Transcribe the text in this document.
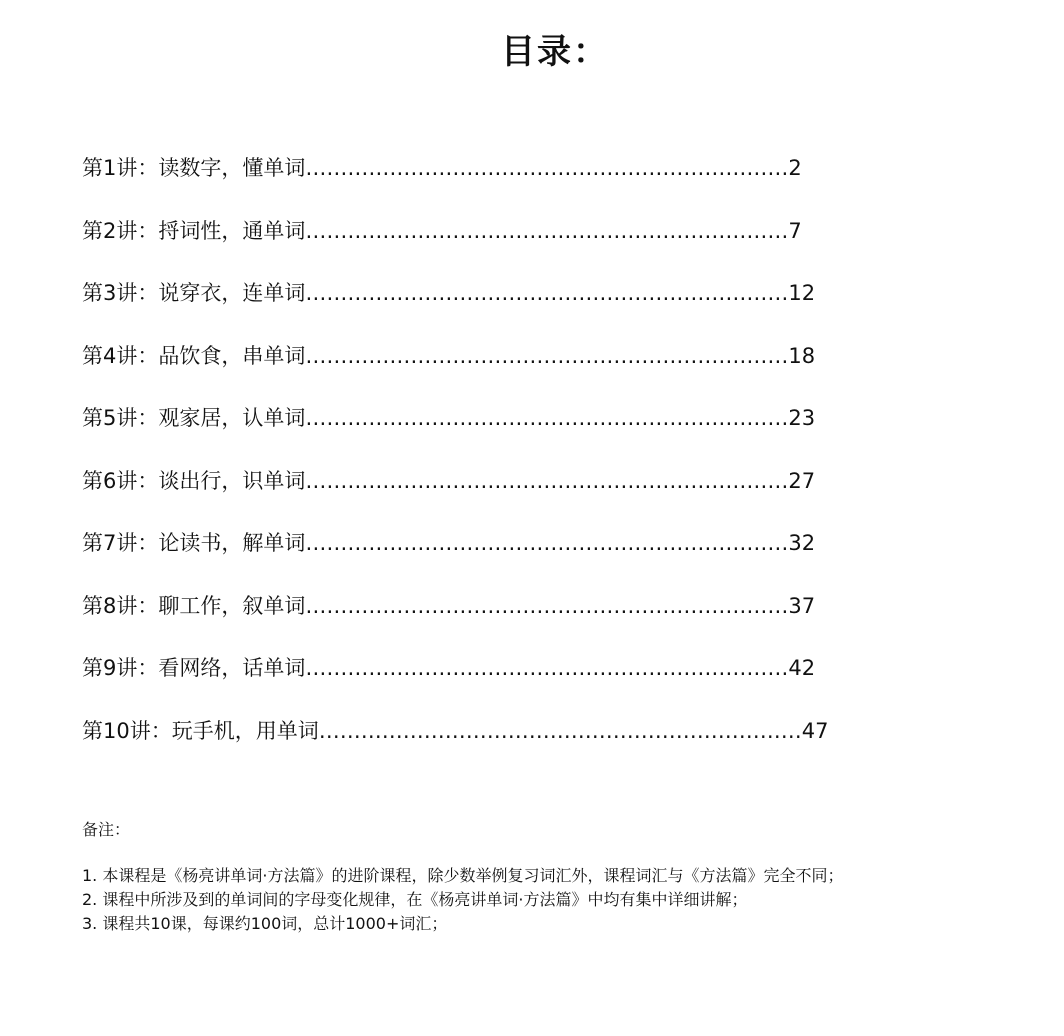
目录：
第1讲：读数字，懂单词……………………………………………………………2
第2讲：捋词性，通单词……………………………………………………………7
第3讲：说穿衣，连单词……………………………………………………………12
第4讲：品饮食，串单词……………………………………………………………18
第5讲：观家居，认单词……………………………………………………………23
第6讲：谈出行，识单词……………………………………………………………27
第7讲：论读书，解单词……………………………………………………………32
第8讲：聊工作，叙单词……………………………………………………………37
第9讲：看网络，话单词……………………………………………………………42
第10讲：玩手机，用单词……………………………………………………………47
备注：
1. 本课程是《杨亮讲单词·方法篇》的进阶课程，除少数举例复习词汇外，课程词汇与《方法篇》完全不同；
2. 课程中所涉及到的单词间的字母变化规律，在《杨亮讲单词·方法篇》中均有集中详细讲解；
3. 课程共10课，每课约100词，总计1000+词汇；
